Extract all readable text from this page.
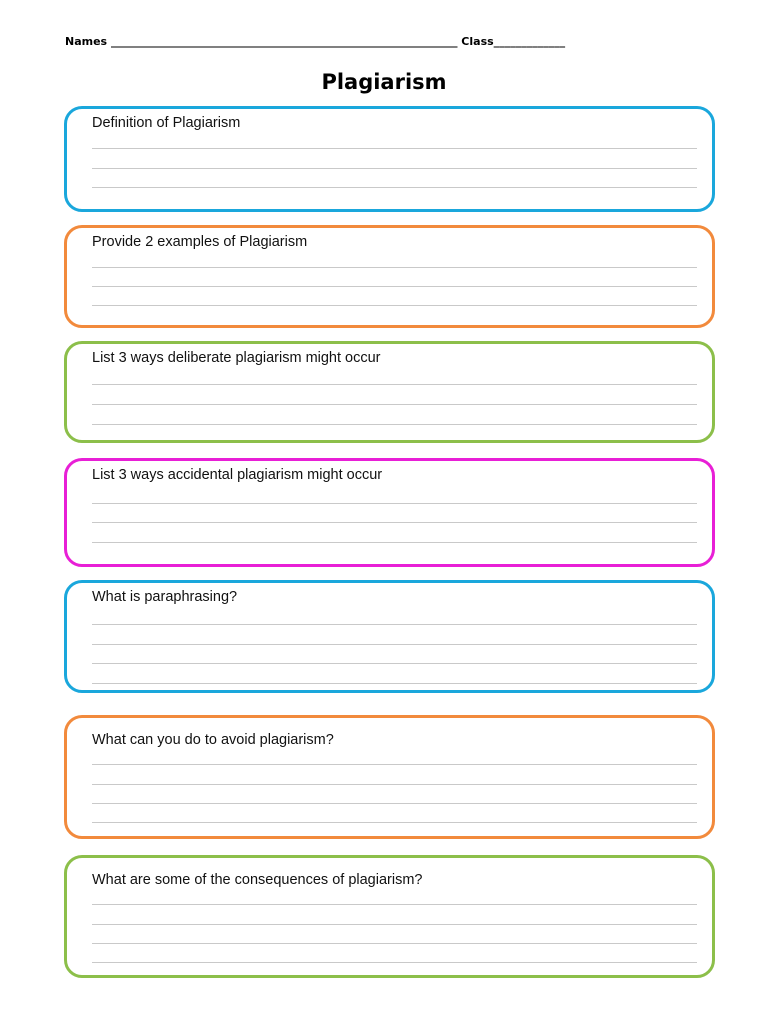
Names _______________________________________________________________ Class_____________
Plagiarism
Definition of Plagiarism
Provide 2 examples of Plagiarism
List 3 ways deliberate plagiarism might occur
List 3 ways accidental plagiarism might occur
What is paraphrasing?
What can you do to avoid plagiarism?
What are some of the consequences of plagiarism?
